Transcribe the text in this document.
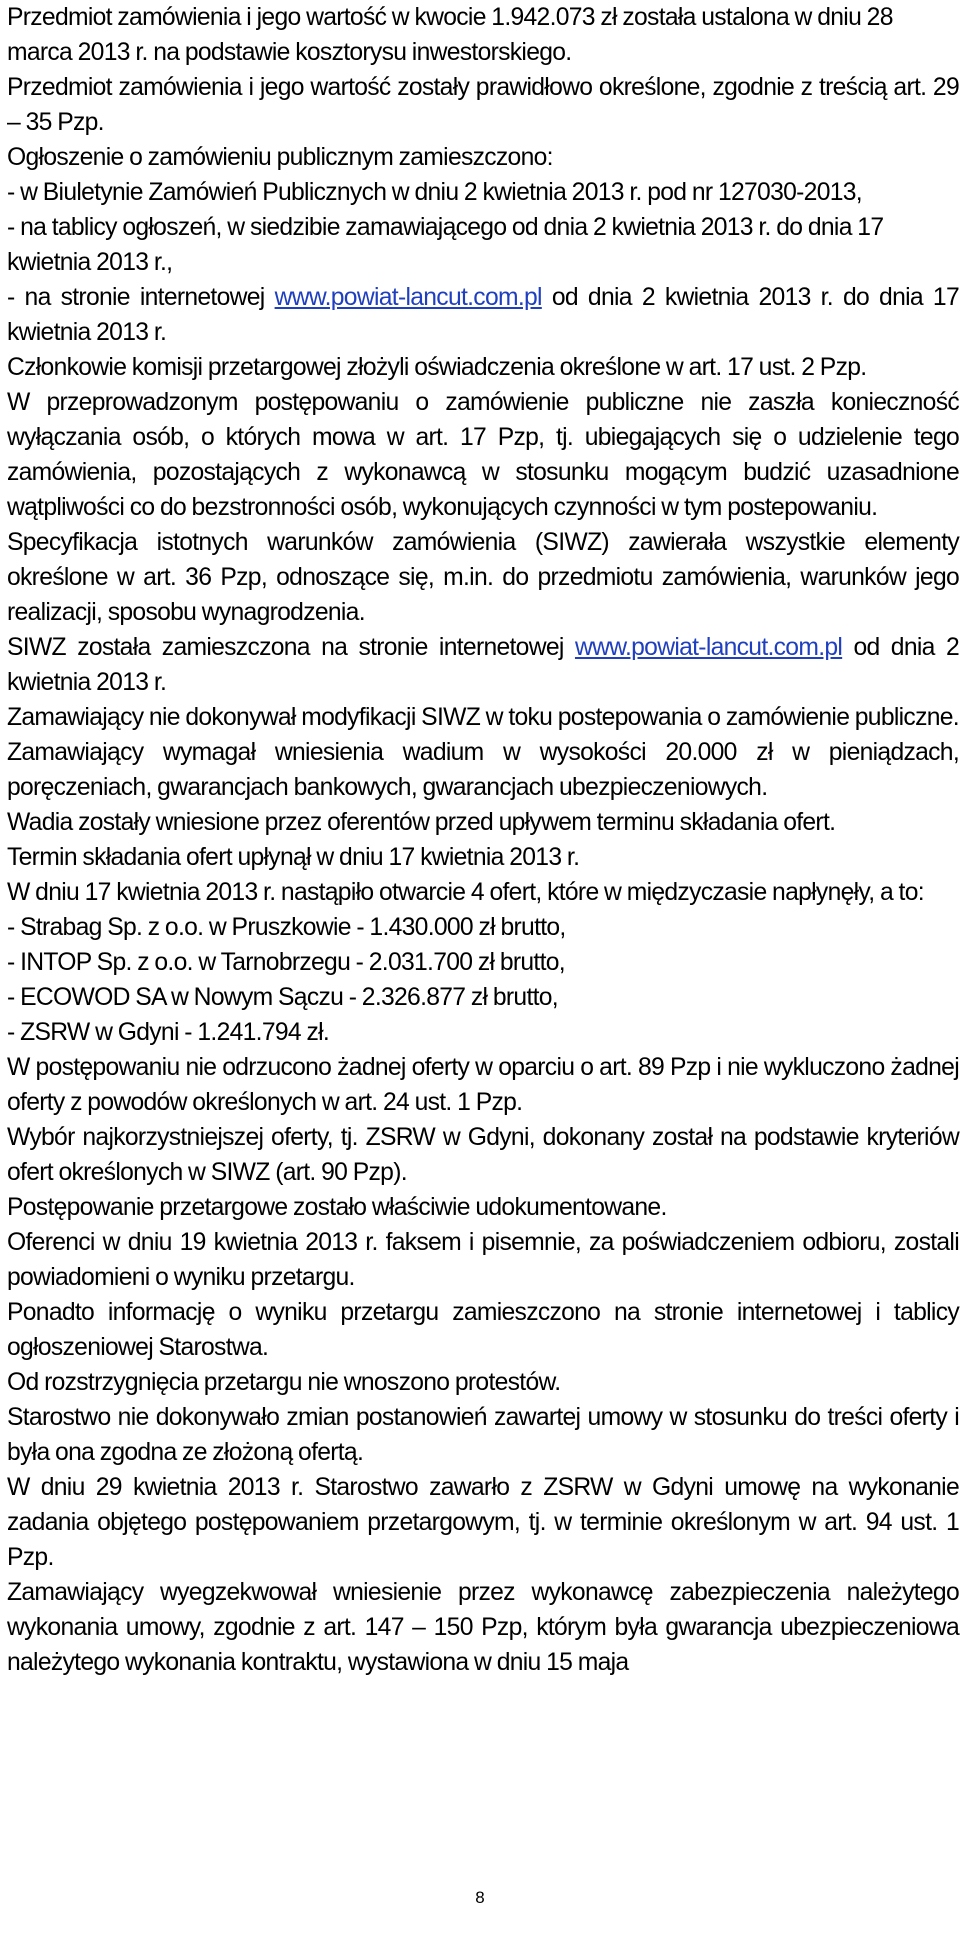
Przedmiot zamówienia i jego wartość w kwocie 1.942.073 zł została ustalona w dniu 28 marca 2013 r. na podstawie kosztorysu inwestorskiego.

Przedmiot zamówienia i jego wartość zostały prawidłowo określone, zgodnie z treścią art. 29 – 35 Pzp.

Ogłoszenie o zamówieniu publicznym zamieszczono:

- w Biuletynie Zamówień Publicznych w dniu 2 kwietnia 2013 r. pod nr 127030-2013,

- na tablicy ogłoszeń, w siedzibie zamawiającego od dnia 2 kwietnia 2013 r. do dnia 17 kwietnia 2013 r.,

- na stronie internetowej www.powiat-lancut.com.pl od dnia 2 kwietnia 2013 r. do dnia 17 kwietnia 2013 r.

Członkowie komisji przetargowej złożyli oświadczenia określone w art. 17 ust. 2 Pzp.

W przeprowadzonym postępowaniu o zamówienie publiczne nie zaszła konieczność wyłączania osób, o których mowa w art. 17 Pzp, tj. ubiegających się o udzielenie tego zamówienia, pozostających z wykonawcą w stosunku mogącym budzić uzasadnione wątpliwości co do bezstronności osób, wykonujących czynności w tym postepowaniu.

Specyfikacja istotnych warunków zamówienia (SIWZ) zawierała wszystkie elementy określone w art. 36 Pzp, odnoszące się, m.in. do przedmiotu zamówienia, warunków jego realizacji, sposobu wynagrodzenia.

SIWZ została zamieszczona na stronie internetowej www.powiat-lancut.com.pl od dnia 2 kwietnia 2013 r.

Zamawiający nie dokonywał modyfikacji SIWZ w toku postepowania o zamówienie publiczne.

Zamawiający wymagał wniesienia wadium w wysokości 20.000 zł w pieniądzach, poręczeniach, gwarancjach bankowych, gwarancjach ubezpieczeniowych.

Wadia zostały wniesione przez oferentów przed upływem terminu składania ofert.

Termin składania ofert upłynął w dniu 17 kwietnia 2013 r.

W dniu 17 kwietnia 2013 r. nastąpiło otwarcie 4 ofert, które w międzyczasie napłynęły, a to:

- Strabag Sp. z o.o. w Pruszkowie - 1.430.000 zł brutto,

- INTOP Sp. z o.o. w Tarnobrzegu - 2.031.700 zł brutto,

- ECOWOD SA w Nowym Sączu - 2.326.877 zł brutto,

- ZSRW w Gdyni - 1.241.794 zł.

W postępowaniu nie odrzucono żadnej oferty w oparciu o art. 89 Pzp i nie wykluczono żadnej oferty z powodów określonych w art. 24 ust. 1 Pzp.

Wybór najkorzystniejszej oferty, tj. ZSRW w Gdyni, dokonany został na podstawie kryteriów ofert określonych w SIWZ (art. 90 Pzp).

Postępowanie przetargowe zostało właściwie udokumentowane.

Oferenci w dniu 19 kwietnia 2013 r. faksem i pisemnie, za poświadczeniem odbioru, zostali powiadomieni o wyniku przetargu.

Ponadto informację o wyniku przetargu zamieszczono na stronie internetowej i tablicy ogłoszeniowej Starostwa.

Od rozstrzygnięcia przetargu nie wnoszono protestów.

Starostwo nie dokonywało zmian postanowień zawartej umowy w stosunku do treści oferty i była ona zgodna ze złożoną ofertą.

W dniu 29 kwietnia 2013 r. Starostwo zawarło z ZSRW w Gdyni umowę na wykonanie zadania objętego postępowaniem przetargowym, tj. w terminie określonym w art. 94 ust. 1 Pzp.

Zamawiający wyegzekwował wniesienie przez wykonawcę zabezpieczenia należytego wykonania umowy, zgodnie z art. 147 – 150 Pzp, którym była gwarancja ubezpieczeniowa należytego wykonania kontraktu, wystawiona w dniu 15 maja

8
